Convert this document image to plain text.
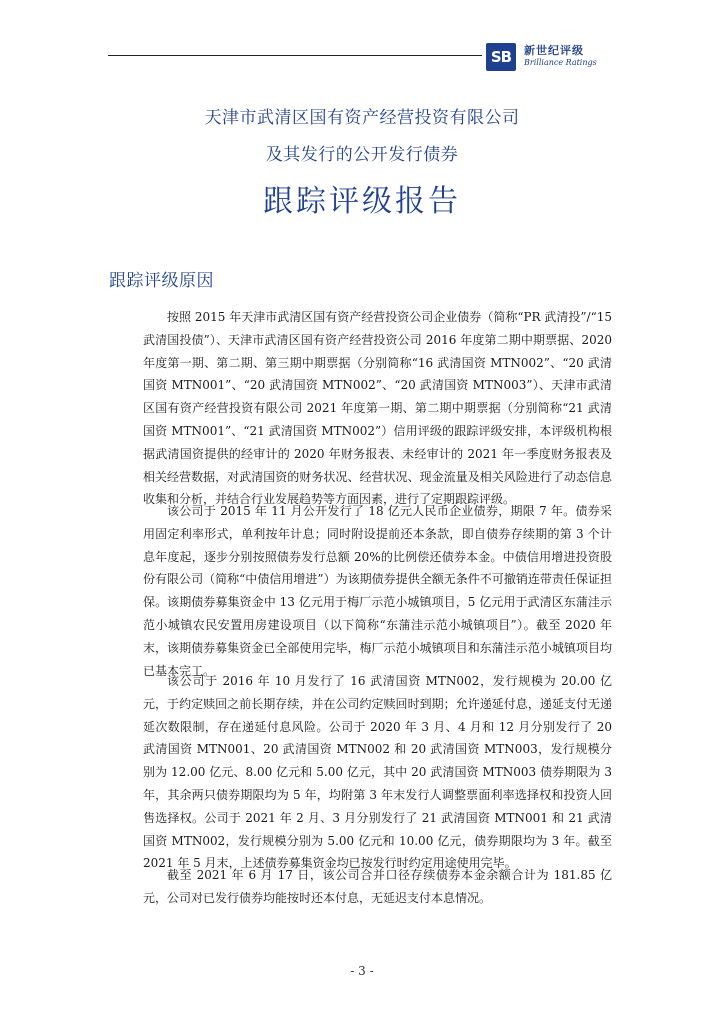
SB 新世纪评级
Brilliance Ratings
天津市武清区国有资产经营投资有限公司
及其发行的公开发行债券
跟踪评级报告
跟踪评级原因

按照 2015 年天津市武清区国有资产经营投资公司企业债券（简称“PR 武清投”/“15 武清国投债”）、天津市武清区国有资产经营投资公司 2016 年度第二期中期票据、2020 年度第一期、第二期、第三期中期票据（分别简称“16 武清国资 MTN002”、“20 武清国资 MTN001”、“20 武清国资 MTN002”、“20 武清国资 MTN003”）、天津市武清区国有资产经营投资有限公司 2021 年度第一期、第二期中期票据（分别简称“21 武清国资 MTN001”、“21 武清国资 MTN002”）信用评级的跟踪评级安排，本评级机构根据武清国资提供的经审计的 2020 年财务报表、未经审计的 2021 年一季度财务报表及相关经营数据，对武清国资的财务状况、经营状况、现金流量及相关风险进行了动态信息收集和分析，并结合行业发展趋势等方面因素，进行了定期跟踪评级。

该公司于 2015 年 11 月公开发行了 18 亿元人民币企业债券，期限 7 年。债券采用固定利率形式，单利按年计息；同时附设提前还本条款，即自债券存续期的第 3 个计息年度起，逐步分别按照债券发行总额 20%的比例偿还债券本金。中债信用增进投资股份有限公司（简称“中债信用增进”）为该期债券提供全额无条件不可撤销连带责任保证担保。该期债券募集资金中 13 亿元用于梅厂示范小城镇项目，5 亿元用于武清区东蒲洼示范小城镇农民安置用房建设项目（以下简称“东蒲洼示范小城镇项目”）。截至 2020 年末，该期债券募集资金已全部使用完毕，梅厂示范小城镇项目和东蒲洼示范小城镇项目均已基本完工。

该公司于 2016 年 10 月发行了 16 武清国资 MTN002，发行规模为 20.00 亿元，于约定赎回之前长期存续，并在公司约定赎回时到期；允许递延付息，递延支付无递延次数限制，存在递延付息风险。公司于 2020 年 3 月、4 月和 12 月分别发行了 20 武清国资 MTN001、20 武清国资 MTN002 和 20 武清国资 MTN003，发行规模分别为 12.00 亿元、8.00 亿元和 5.00 亿元，其中 20 武清国资 MTN003 债券期限为 3 年，其余两只债券期限均为 5 年，均附第 3 年末发行人调整票面利率选择权和投资人回售选择权。公司于 2021 年 2 月、3 月分别发行了 21 武清国资 MTN001 和 21 武清国资 MTN002，发行规模分别为 5.00 亿元和 10.00 亿元，债券期限均为 3 年。截至 2021 年 5 月末，上述债券募集资金均已按发行时约定用途使用完毕。

截至 2021 年 6 月 17 日，该公司合并口径存续债券本金余额合计为 181.85 亿元，公司对已发行债券均能按时还本付息，无延迟支付本息情况。

- 3 -
